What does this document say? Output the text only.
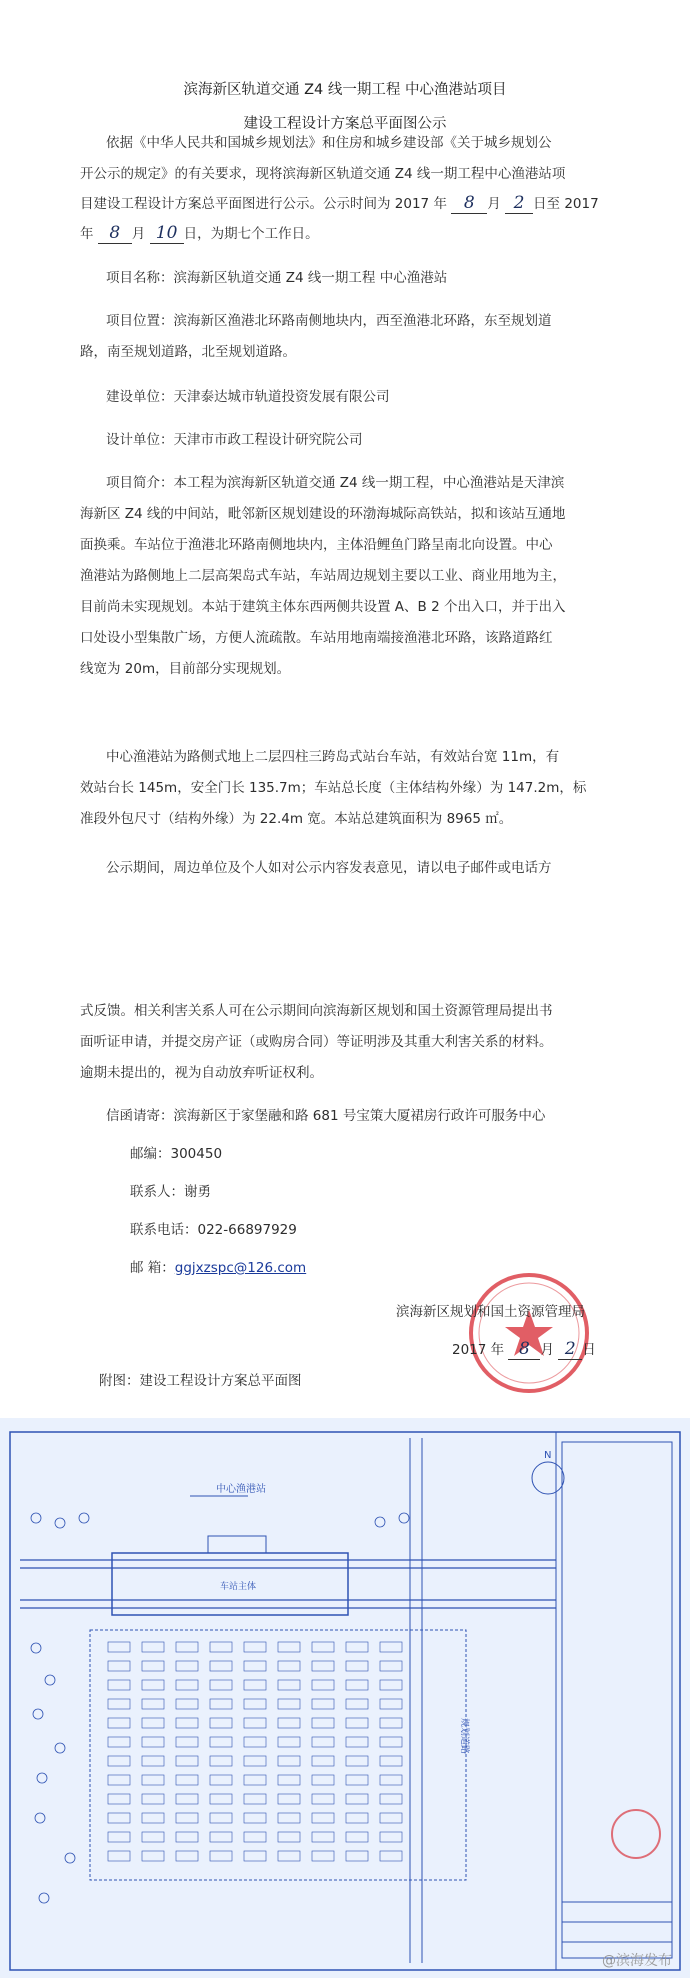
滨海新区轨道交通 Z4 线一期工程 中心渔港站项目
建设工程设计方案总平面图公示

依据《中华人民共和国城乡规划法》和住房和城乡建设部《关于城乡规划公

开公示的规定》的有关要求，现将滨海新区轨道交通 Z4 线一期工程中心渔港站项

目建设工程设计方案总平面图进行公示。公示时间为 2017 年 8 月 2 日至 2017

年 8 月 10 日，为期七个工作日。

项目名称：滨海新区轨道交通 Z4 线一期工程 中心渔港站

项目位置：滨海新区渔港北环路南侧地块内，西至渔港北环路，东至规划道

路，南至规划道路，北至规划道路。

建设单位：天津泰达城市轨道投资发展有限公司

设计单位：天津市市政工程设计研究院公司

项目简介：本工程为滨海新区轨道交通 Z4 线一期工程，中心渔港站是天津滨

海新区 Z4 线的中间站，毗邻新区规划建设的环渤海城际高铁站，拟和该站互通地

面换乘。车站位于渔港北环路南侧地块内，主体沿鲤鱼门路呈南北向设置。中心

渔港站为路侧地上二层高架岛式车站，车站周边规划主要以工业、商业用地为主，

目前尚未实现规划。本站于建筑主体东西两侧共设置 A、B 2 个出入口，并于出入

口处设小型集散广场，方便人流疏散。车站用地南端接渔港北环路，该路道路红

线宽为 20m，目前部分实现规划。

中心渔港站为路侧式地上二层四柱三跨岛式站台车站，有效站台宽 11m，有

效站台长 145m，安全门长 135.7m；车站总长度（主体结构外缘）为 147.2m，标

准段外包尺寸（结构外缘）为 22.4m 宽。本站总建筑面积为 8965 ㎡。

公示期间，周边单位及个人如对公示内容发表意见，请以电子邮件或电话方

式反馈。相关利害关系人可在公示期间向滨海新区规划和国土资源管理局提出书

面听证申请，并提交房产证（或购房合同）等证明涉及其重大利害关系的材料。

逾期未提出的，视为自动放弃听证权利。

信函请寄：滨海新区于家堡融和路 681 号宝策大厦裙房行政许可服务中心

邮编：300450

联系人：谢勇

联系电话：022-66897929

邮 箱：ggjxzspc@126.com

滨海新区规划和国土资源管理局
2017 年 8 月 2 日

附图：建设工程设计方案总平面图

中心渔港站
车站主体
规划道路
N
@滨海发布
